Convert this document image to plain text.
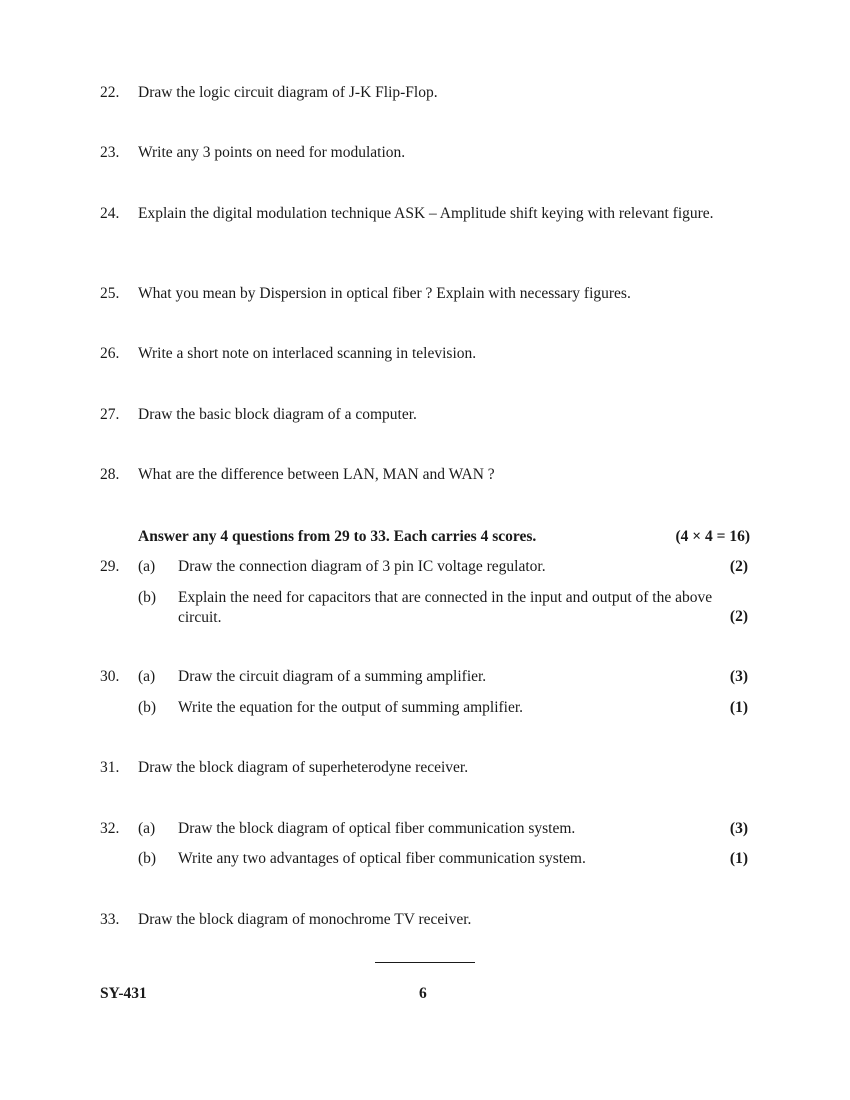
22. Draw the logic circuit diagram of J-K Flip-Flop.
23. Write any 3 points on need for modulation.
24. Explain the digital modulation technique ASK – Amplitude shift keying with relevant figure.
25. What you mean by Dispersion in optical fiber ? Explain with necessary figures.
26. Write a short note on interlaced scanning in television.
27. Draw the basic block diagram of a computer.
28. What are the difference between LAN, MAN and WAN ?
Answer any 4 questions from 29 to 33. Each carries 4 scores.	(4 × 4 = 16)
29. (a) Draw the connection diagram of 3 pin IC voltage regulator.	(2)
(b) Explain the need for capacitors that are connected in the input and output of the above circuit.	(2)
30. (a) Draw the circuit diagram of a summing amplifier.	(3)
(b) Write the equation for the output of summing amplifier.	(1)
31. Draw the block diagram of superheterodyne receiver.
32. (a) Draw the block diagram of optical fiber communication system.	(3)
(b) Write any two advantages of optical fiber communication system.	(1)
33. Draw the block diagram of monochrome TV receiver.
SY-431	6
